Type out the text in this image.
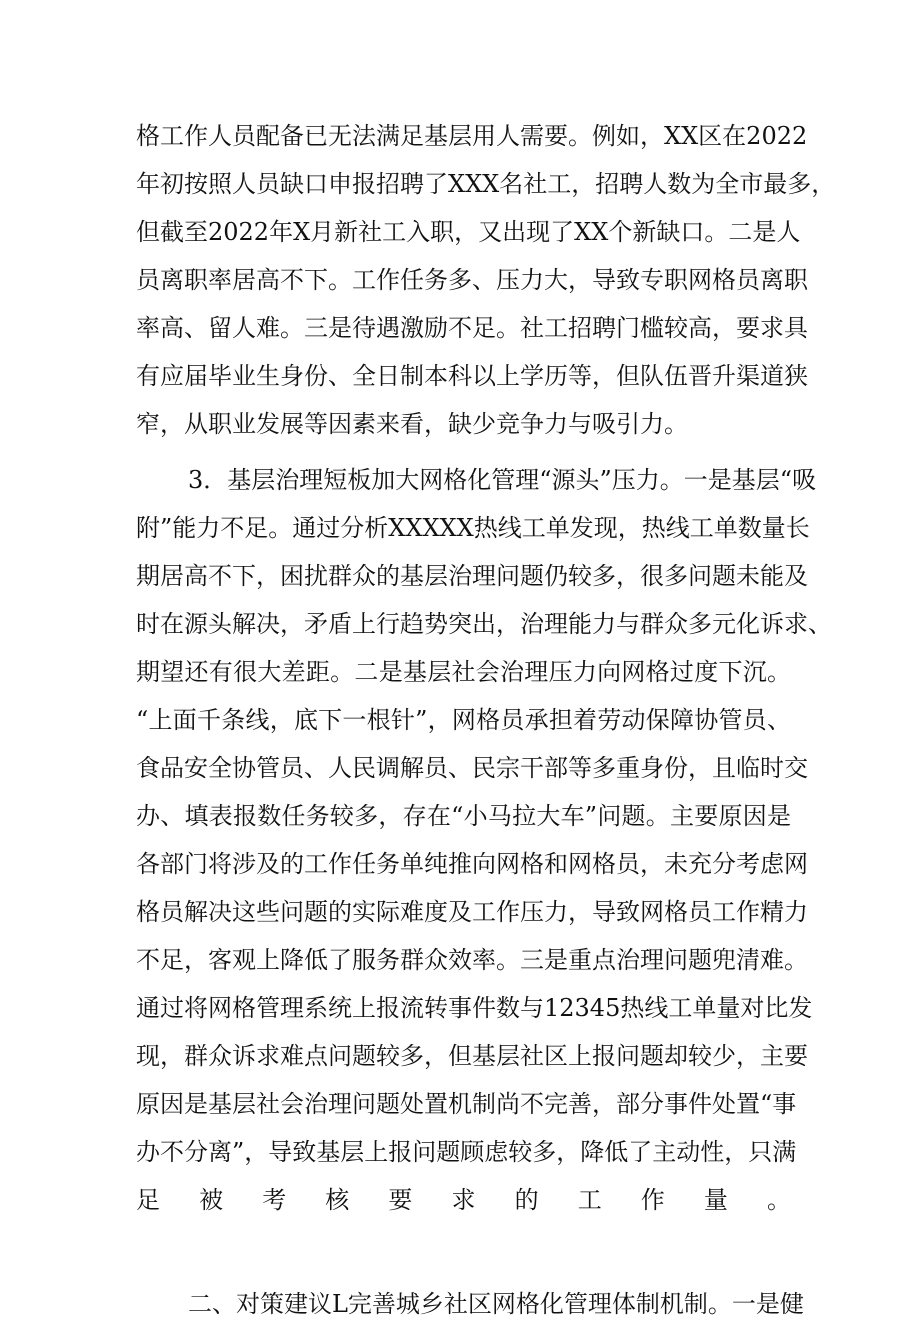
格工作人员配备已无法满足基层用人需要。例如，XX区在2022
年初按照人员缺口申报招聘了XXX名社工，招聘人数为全市最多，
但截至2022年X月新社工入职，又出现了XX个新缺口。二是人
员离职率居高不下。工作任务多、压力大，导致专职网格员离职
率高、留人难。三是待遇激励不足。社工招聘门槛较高，要求具
有应届毕业生身份、全日制本科以上学历等，但队伍晋升渠道狭
窄，从职业发展等因素来看，缺少竞争力与吸引力。
3．基层治理短板加大网格化管理“源头”压力。一是基层“吸
附”能力不足。通过分析XXXXX热线工单发现，热线工单数量长
期居高不下，困扰群众的基层治理问题仍较多，很多问题未能及
时在源头解决，矛盾上行趋势突出，治理能力与群众多元化诉求、
期望还有很大差距。二是基层社会治理压力向网格过度下沉。
“上面千条线，底下一根针”，网格员承担着劳动保障协管员、
食品安全协管员、人民调解员、民宗干部等多重身份，且临时交
办、填表报数任务较多，存在“小马拉大车”问题。主要原因是
各部门将涉及的工作任务单纯推向网格和网格员，未充分考虑网
格员解决这些问题的实际难度及工作压力，导致网格员工作精力
不足，客观上降低了服务群众效率。三是重点治理问题兜清难。
通过将网格管理系统上报流转事件数与12345热线工单量对比发
现，群众诉求难点问题较多，但基层社区上报问题却较少，主要
原因是基层社会治理问题处置机制尚不完善，部分事件处置“事
办不分离”，导致基层上报问题顾虑较多，降低了主动性，只满
足被考核要求的工作量。
二、对策建议L完善城乡社区网格化管理体制机制。一是健
